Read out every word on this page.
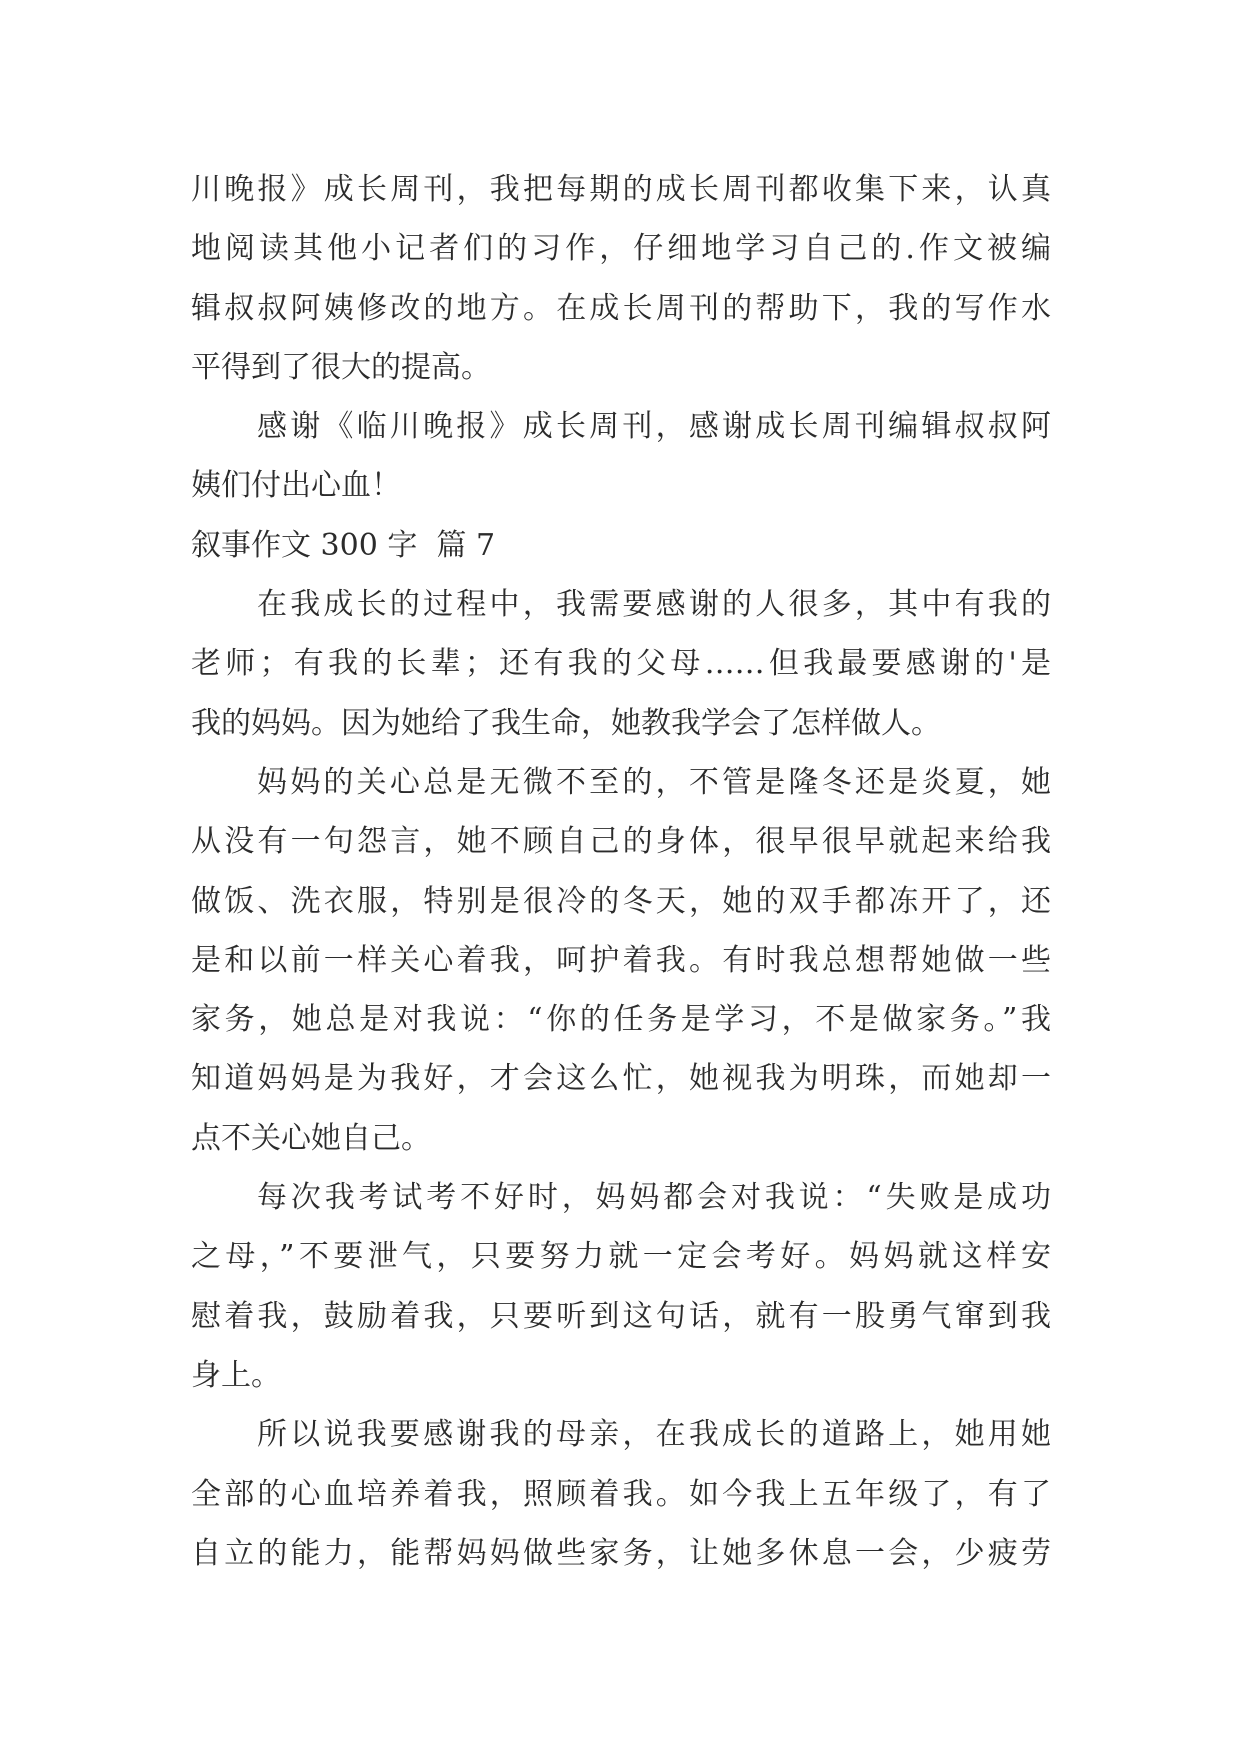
川晚报》成长周刊，我把每期的成长周刊都收集下来，认真
地阅读其他小记者们的习作，仔细地学习自己的.作文被编
辑叔叔阿姨修改的地方。在成长周刊的帮助下，我的写作水
平得到了很大的提高。
感谢《临川晚报》成长周刊，感谢成长周刊编辑叔叔阿
姨们付出心血！
叙事作文 300 字  篇 7
在我成长的过程中，我需要感谢的人很多，其中有我的
老师；有我的长辈；还有我的父母……但我最要感谢的'是
我的妈妈。因为她给了我生命，她教我学会了怎样做人。
妈妈的关心总是无微不至的，不管是隆冬还是炎夏，她
从没有一句怨言，她不顾自己的身体，很早很早就起来给我
做饭、洗衣服，特别是很冷的冬天，她的双手都冻开了，还
是和以前一样关心着我，呵护着我。有时我总想帮她做一些
家务，她总是对我说：“你的任务是学习，不是做家务。”我
知道妈妈是为我好，才会这么忙，她视我为明珠，而她却一
点不关心她自己。
每次我考试考不好时，妈妈都会对我说：“失败是成功
之母，”不要泄气，只要努力就一定会考好。妈妈就这样安
慰着我，鼓励着我，只要听到这句话，就有一股勇气窜到我
身上。
所以说我要感谢我的母亲，在我成长的道路上，她用她
全部的心血培养着我，照顾着我。如今我上五年级了，有了
自立的能力，能帮妈妈做些家务，让她多休息一会，少疲劳
